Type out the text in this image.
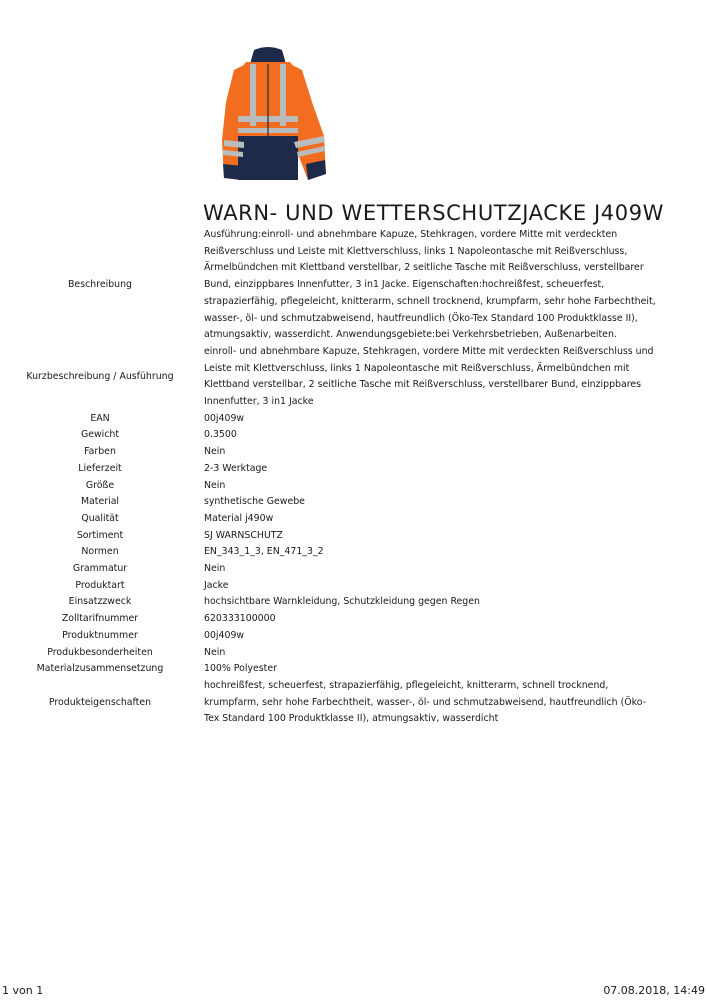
WARN- UND WETTERSCHUTZJACKE J409W
Beschreibung	Ausführung:einroll- und abnehmbare Kapuze, Stehkragen, vordere Mitte mit verdeckten Reißverschluss und Leiste mit Klettverschluss, links 1 Napoleontasche mit Reißverschluss, Ärmelbündchen mit Klettband verstellbar, 2 seitliche Tasche mit Reißverschluss, verstellbarer Bund, einzippbares Innenfutter, 3 in1 Jacke. Eigenschaften:hochreißfest, scheuerfest, strapazierfähig, pflegeleicht, knitterarm, schnell trocknend, krumpfarm, sehr hohe Farbechtheit, wasser-, öl- und schmutzabweisend, hautfreundlich (Öko-Tex Standard 100 Produktklasse II), atmungsaktiv, wasserdicht. Anwendungsgebiete:bei Verkehrsbetrieben, Außenarbeiten.
Kurzbeschreibung / Ausführung	einroll- und abnehmbare Kapuze, Stehkragen, vordere Mitte mit verdeckten Reißverschluss und Leiste mit Klettverschluss, links 1 Napoleontasche mit Reißverschluss, Ärmelbündchen mit Klettband verstellbar, 2 seitliche Tasche mit Reißverschluss, verstellbarer Bund, einzippbares Innenfutter, 3 in1 Jacke
EAN	00j409w
Gewicht	0.3500
Farben	Nein
Lieferzeit	2-3 Werktage
Größe	Nein
Material	synthetische Gewebe
Qualität	Material j490w
Sortiment	SJ WARNSCHUTZ
Normen	EN_343_1_3, EN_471_3_2
Grammatur	Nein
Produktart	Jacke
Einsatzzweck	hochsichtbare Warnkleidung, Schutzkleidung gegen Regen
Zolltarifnummer	620333100000
Produktnummer	00j409w
Produkbesonderheiten	Nein
Materialzusammensetzung	100% Polyester
Produkteigenschaften	hochreißfest, scheuerfest, strapazierfähig, pflegeleicht, knitterarm, schnell trocknend, krumpfarm, sehr hohe Farbechtheit, wasser-, öl- und schmutzabweisend, hautfreundlich (Öko-Tex Standard 100 Produktklasse II), atmungsaktiv, wasserdicht
1 von 1	07.08.2018, 14:49
